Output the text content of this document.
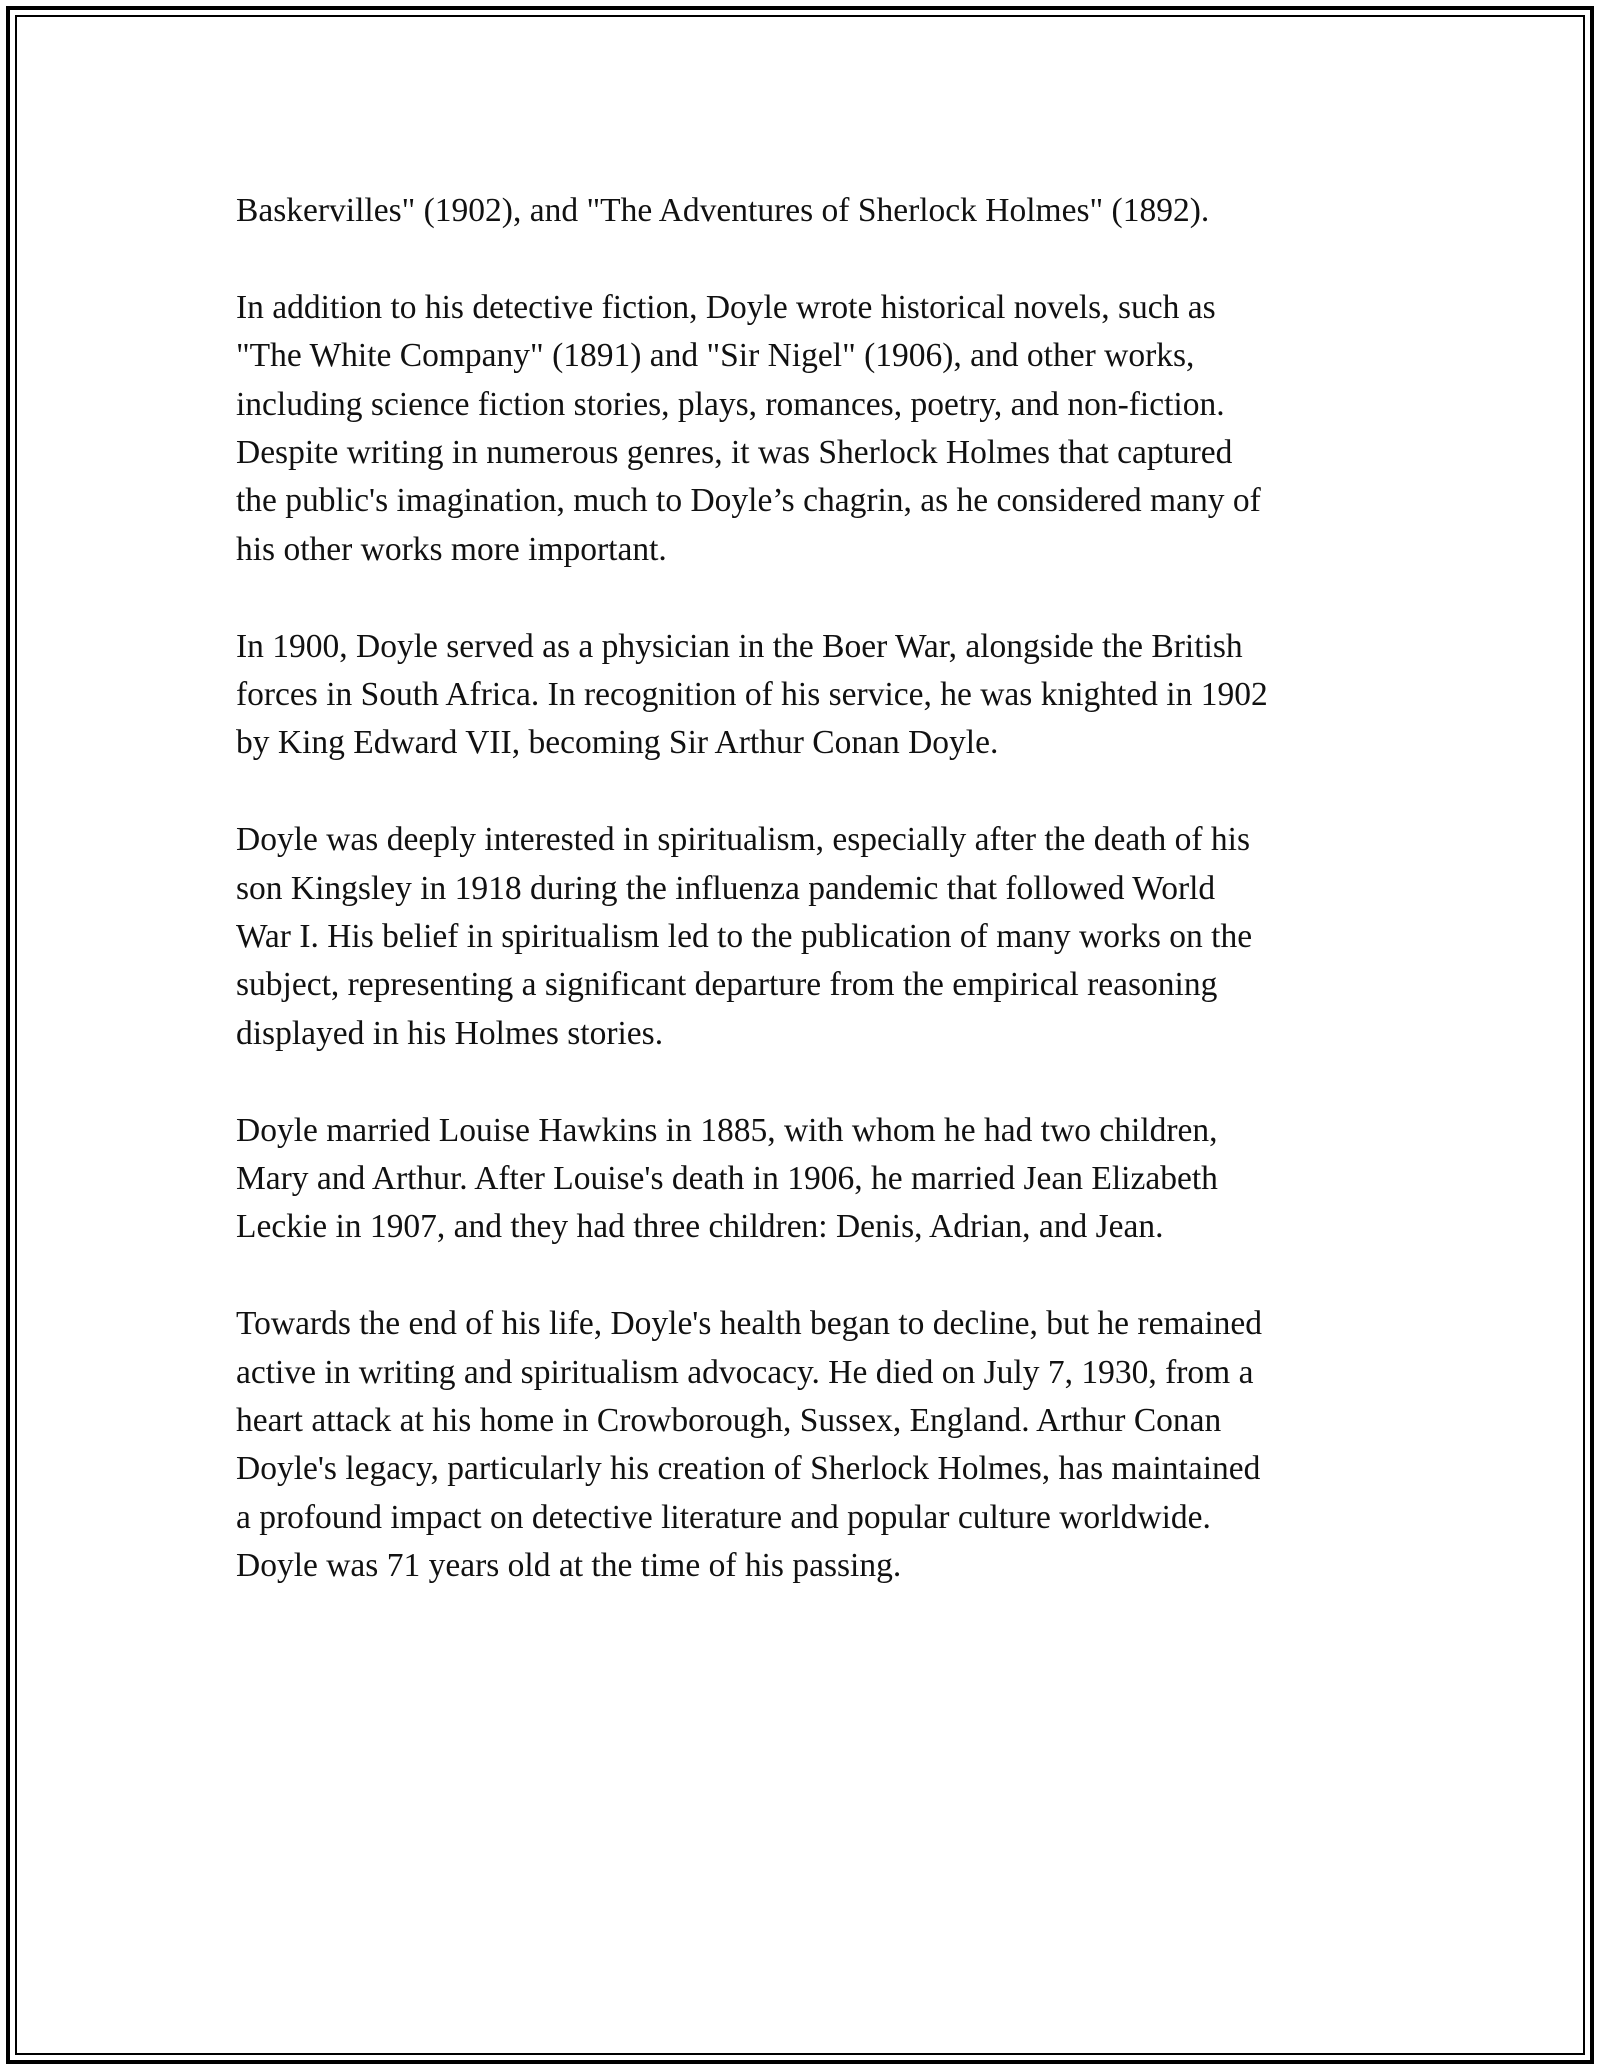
Baskervilles" (1902), and "The Adventures of Sherlock Holmes" (1892).

In addition to his detective fiction, Doyle wrote historical novels, such as
"The White Company" (1891) and "Sir Nigel" (1906), and other works,
including science fiction stories, plays, romances, poetry, and non-fiction.
Despite writing in numerous genres, it was Sherlock Holmes that captured
the public's imagination, much to Doyle’s chagrin, as he considered many of
his other works more important.

In 1900, Doyle served as a physician in the Boer War, alongside the British
forces in South Africa. In recognition of his service, he was knighted in 1902
by King Edward VII, becoming Sir Arthur Conan Doyle.

Doyle was deeply interested in spiritualism, especially after the death of his
son Kingsley in 1918 during the influenza pandemic that followed World
War I. His belief in spiritualism led to the publication of many works on the
subject, representing a significant departure from the empirical reasoning
displayed in his Holmes stories.

Doyle married Louise Hawkins in 1885, with whom he had two children,
Mary and Arthur. After Louise's death in 1906, he married Jean Elizabeth
Leckie in 1907, and they had three children: Denis, Adrian, and Jean.

Towards the end of his life, Doyle's health began to decline, but he remained
active in writing and spiritualism advocacy. He died on July 7, 1930, from a
heart attack at his home in Crowborough, Sussex, England. Arthur Conan
Doyle's legacy, particularly his creation of Sherlock Holmes, has maintained
a profound impact on detective literature and popular culture worldwide.
Doyle was 71 years old at the time of his passing.
